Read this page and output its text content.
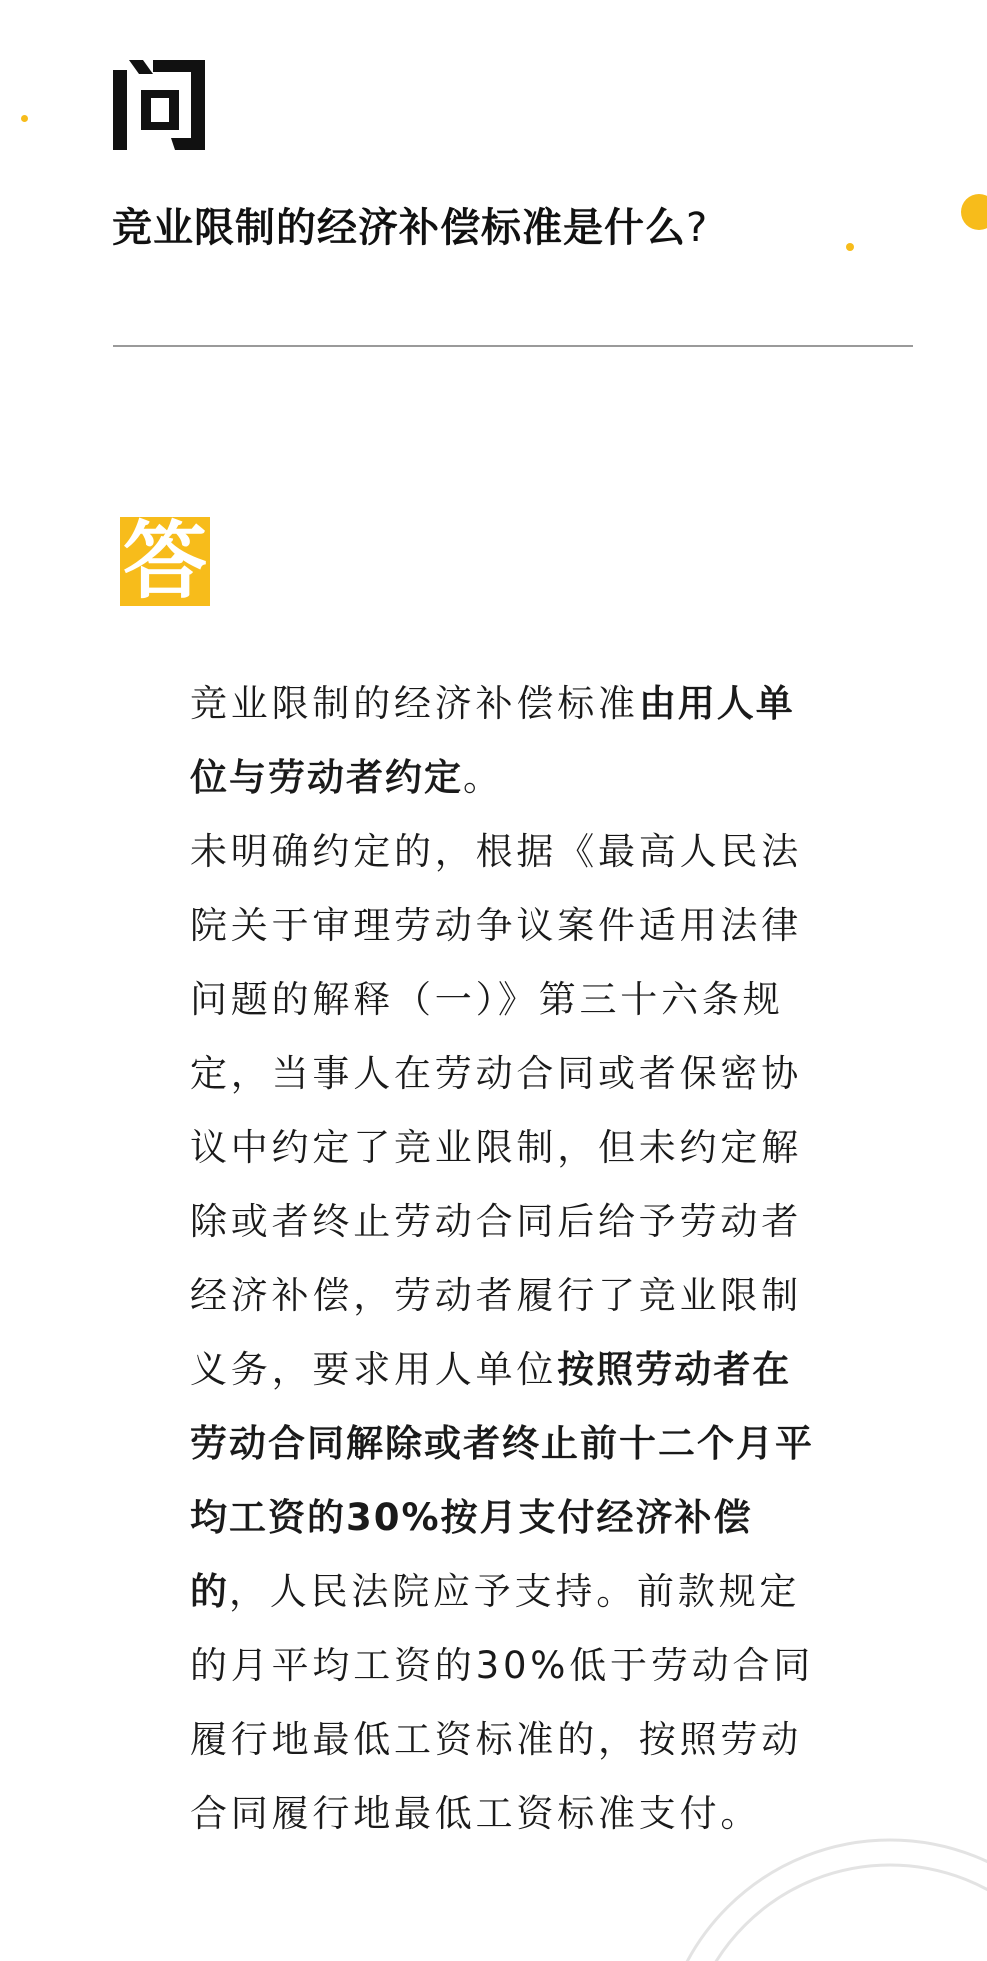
竞业限制的经济补偿标准是什么?
答

竞业限制的经济补偿标准由用人单位与劳动者约定。

未明确约定的，根据《最高人民法院关于审理劳动争议案件适用法律问题的解释（一）》第三十六条规定，当事人在劳动合同或者保密协议中约定了竞业限制，但未约定解除或者终止劳动合同后给予劳动者经济补偿，劳动者履行了竞业限制义务，要求用人单位按照劳动者在劳动合同解除或者终止前十二个月平均工资的30%按月支付经济补偿的，人民法院应予支持。前款规定的月平均工资的30%低于劳动合同履行地最低工资标准的，按照劳动合同履行地最低工资标准支付。
